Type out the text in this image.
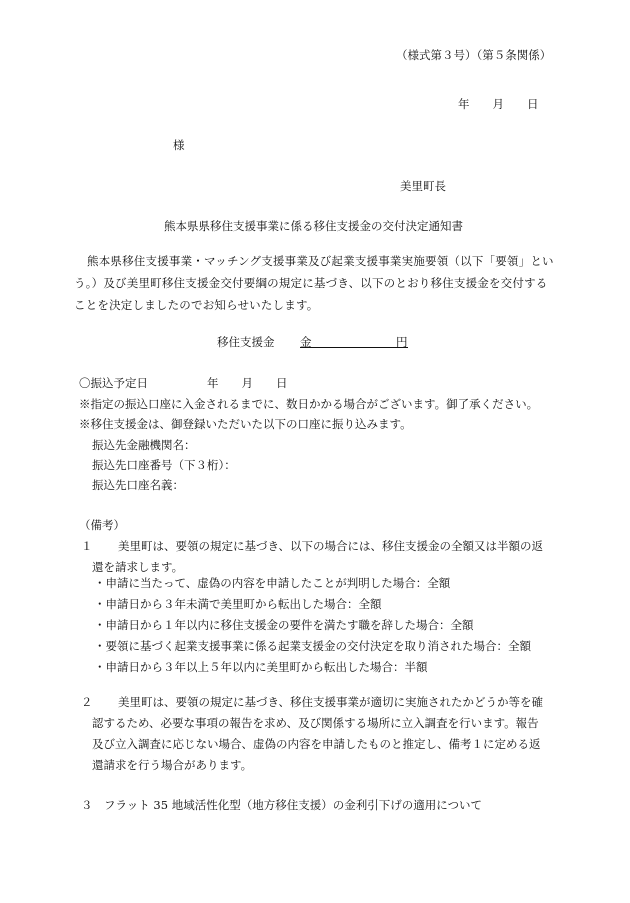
（様式第３号）（第５条関係）
年　　月　　日
様
美里町長
熊本県県移住支援事業に係る移住支援金の交付決定通知書
熊本県移住支援事業・マッチング支援事業及び起業支援事業実施要領（以下「要領」という。）及び美里町移住支援金交付要綱の規定に基づき、以下のとおり移住支援金を交付することを決定しましたのでお知らせいたします。
移住支援金 金	円
〇振込予定日	年　　月　　日
※指定の振込口座に入金されるまでに、数日かかる場合がございます。御了承ください。
※移住支援金は、御登録いただいた以下の口座に振り込みます。
振込先金融機関名：
振込先口座番号（下３桁）：
振込先口座名義：
（備考）
１ 美里町は、要領の規定に基づき、以下の場合には、移住支援金の全額又は半額の返
還を請求します。
・申請に当たって、虚偽の内容を申請したことが判明した場合：全額
・申請日から３年未満で美里町から転出した場合：全額
・申請日から１年以内に移住支援金の要件を満たす職を辞した場合：全額
・要領に基づく起業支援事業に係る起業支援金の交付決定を取り消された場合：全額
・申請日から３年以上５年以内に美里町から転出した場合：半額
２ 美里町は、要領の規定に基づき、移住支援事業が適切に実施されたかどうか等を確
認するため、必要な事項の報告を求め、及び関係する場所に立入調査を行います。報告
及び立入調査に応じない場合、虚偽の内容を申請したものと推定し、備考１に定める返
還請求を行う場合があります。
３ フラット 35 地域活性化型（地方移住支援）の金利引下げの適用について
